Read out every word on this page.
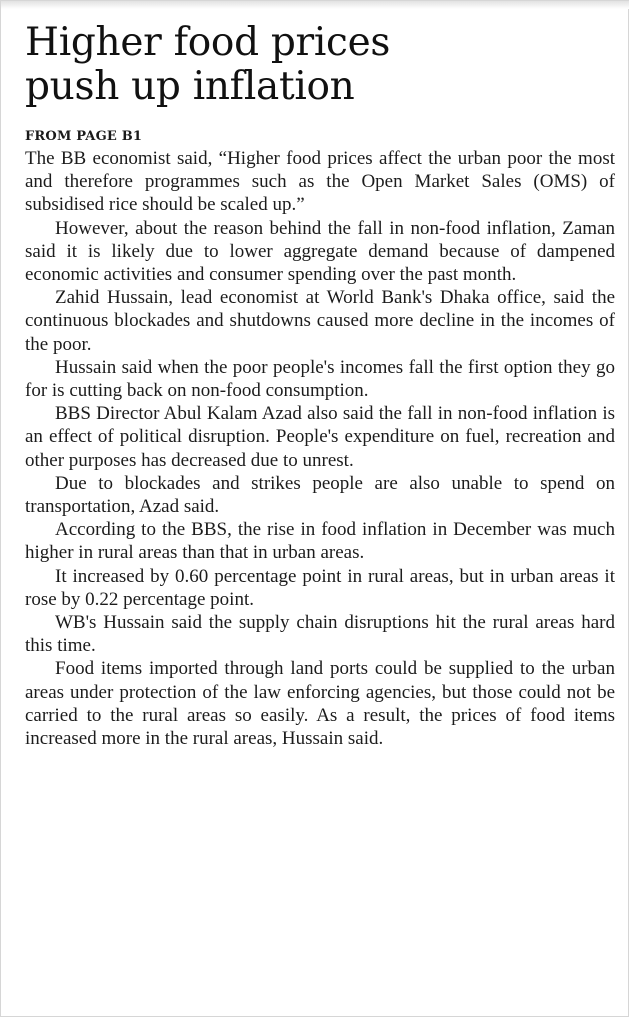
Higher food prices
push up inflation
FROM PAGE B1

The BB economist said, “Higher food prices affect the urban poor the most and therefore programmes such as the Open Market Sales (OMS) of subsidised rice should be scaled up.”

However, about the reason behind the fall in non-food inflation, Zaman said it is likely due to lower aggregate demand because of dampened economic activities and consumer spending over the past month.

Zahid Hussain, lead economist at World Bank's Dhaka office, said the continuous blockades and shutdowns caused more decline in the incomes of the poor.

Hussain said when the poor people's incomes fall the first option they go for is cutting back on non-food consumption.

BBS Director Abul Kalam Azad also said the fall in non-food inflation is an effect of political disruption. People's expenditure on fuel, recreation and other purposes has decreased due to unrest.

Due to blockades and strikes people are also unable to spend on transportation, Azad said.

According to the BBS, the rise in food inflation in December was much higher in rural areas than that in urban areas.

It increased by 0.60 percentage point in rural areas, but in urban areas it rose by 0.22 percentage point.

WB's Hussain said the supply chain disruptions hit the rural areas hard this time.

Food items imported through land ports could be supplied to the urban areas under protection of the law enforcing agencies, but those could not be carried to the rural areas so easily. As a result, the prices of food items increased more in the rural areas, Hussain said.
